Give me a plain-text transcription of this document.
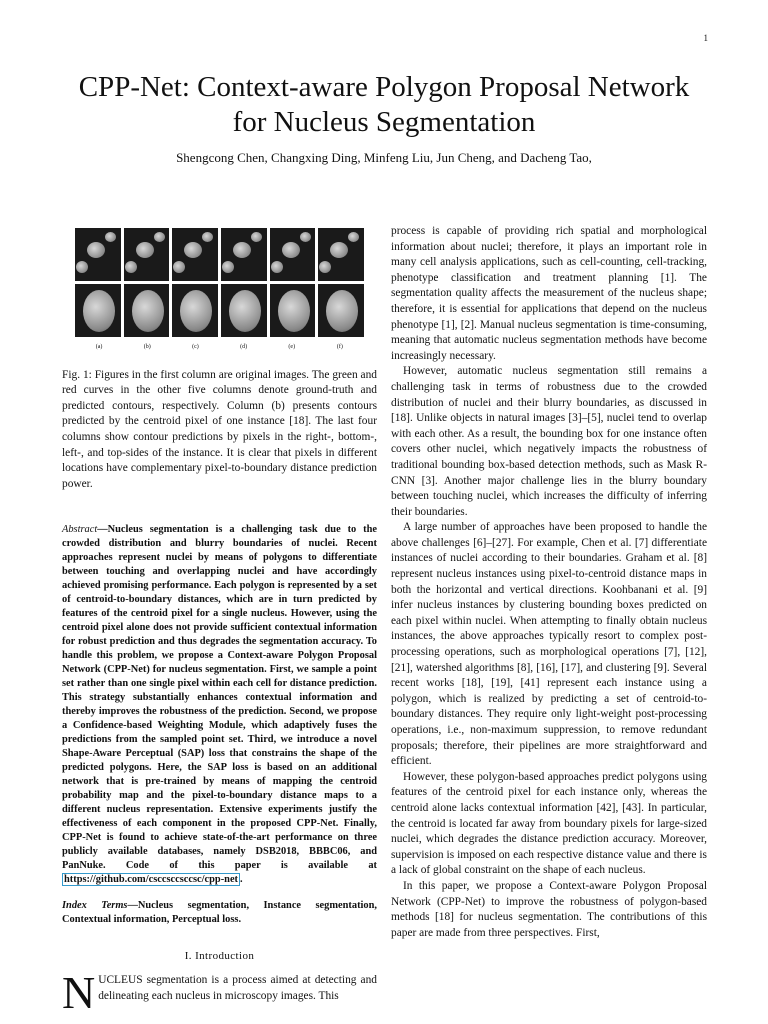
1
CPP-Net: Context-aware Polygon Proposal Network
for Nucleus Segmentation
Shengcong Chen, Changxing Ding, Minfeng Liu, Jun Cheng, and Dacheng Tao,
(a)	(b)	(c)	(d)	(e)	(f)
Fig. 1: Figures in the first column are original images. The green and red curves in the other five columns denote ground-truth and predicted contours, respectively. Column (b) presents contours predicted by the centroid pixel of one instance [18]. The last four columns show contour predictions by pixels in the right-, bottom-, left-, and top-sides of the instance. It is clear that pixels in different locations have complementary pixel-to-boundary distance prediction power.
Abstract—Nucleus segmentation is a challenging task due to the crowded distribution and blurry boundaries of nuclei. Recent approaches represent nuclei by means of polygons to differentiate between touching and overlapping nuclei and have accordingly achieved promising performance. Each polygon is represented by a set of centroid-to-boundary distances, which are in turn predicted by features of the centroid pixel for a single nucleus. However, using the centroid pixel alone does not provide sufficient contextual information for robust prediction and thus degrades the segmentation accuracy. To handle this problem, we propose a Context-aware Polygon Proposal Network (CPP-Net) for nucleus segmentation. First, we sample a point set rather than one single pixel within each cell for distance prediction. This strategy substantially enhances contextual information and thereby improves the robustness of the prediction. Second, we propose a Confidence-based Weighting Module, which adaptively fuses the predictions from the sampled point set. Third, we introduce a novel Shape-Aware Perceptual (SAP) loss that constrains the shape of the predicted polygons. Here, the SAP loss is based on an additional network that is pre-trained by means of mapping the centroid probability map and the pixel-to-boundary distance maps to a different nucleus representation. Extensive experiments justify the effectiveness of each component in the proposed CPP-Net. Finally, CPP-Net is found to achieve state-of-the-art performance on three publicly available databases, namely DSB2018, BBBC06, and PanNuke. Code of this paper is available at https://github.com/csccsccsccsc/cpp-net .
Index Terms—Nucleus segmentation, Instance segmentation, Contextual information, Perceptual loss.
I. Introduction
NUCLEUS segmentation is a process aimed at detecting and delineating each nucleus in microscopy images. This

process is capable of providing rich spatial and morphological information about nuclei; therefore, it plays an important role in many cell analysis applications, such as cell-counting, cell-tracking, phenotype classification and treatment planning [1]. The segmentation quality affects the measurement of the nucleus shape; therefore, it is essential for applications that depend on the nucleus phenotype [1], [2]. Manual nucleus segmentation is time-consuming, meaning that automatic nucleus segmentation methods have become increasingly necessary.

However, automatic nucleus segmentation still remains a challenging task in terms of robustness due to the crowded distribution of nuclei and their blurry boundaries, as discussed in [18]. Unlike objects in natural images [3]–[5], nuclei tend to overlap with each other. As a result, the bounding box for one instance often covers other nuclei, which negatively impacts the robustness of traditional bounding box-based detection methods, such as Mask R-CNN [3]. Another major challenge lies in the blurry boundary between touching nuclei, which increases the difficulty of inferring their boundaries.

A large number of approaches have been proposed to handle the above challenges [6]–[27]. For example, Chen et al. [7] differentiate instances of nuclei according to their boundaries. Graham et al. [8] represent nucleus instances using pixel-to-centroid distance maps in both the horizontal and vertical directions. Koohbanani et al. [9] infer nucleus instances by clustering bounding boxes predicted on each pixel within nuclei. When attempting to finally obtain nucleus instances, the above approaches typically resort to complex post-processing operations, such as morphological operations [7], [12], [21], watershed algorithms [8], [16], [17], and clustering [9]. Several recent works [18], [19], [41] represent each instance using a polygon, which is realized by predicting a set of centroid-to-boundary distances. They require only light-weight post-processing operations, i.e., non-maximum suppression, to remove redundant proposals; therefore, their pipelines are more straightforward and efficient.

However, these polygon-based approaches predict polygons using features of the centroid pixel for each instance only, whereas the centroid alone lacks contextual information [42], [43]. In particular, the centroid is located far away from boundary pixels for large-sized nuclei, which degrades the distance prediction accuracy. Moreover, supervision is imposed on each respective distance value and there is a lack of global constraint on the shape of each nucleus.

In this paper, we propose a Context-aware Polygon Proposal Network (CPP-Net) to improve the robustness of polygon-based methods [18] for nucleus segmentation. The contributions of this paper are made from three perspectives. First,
